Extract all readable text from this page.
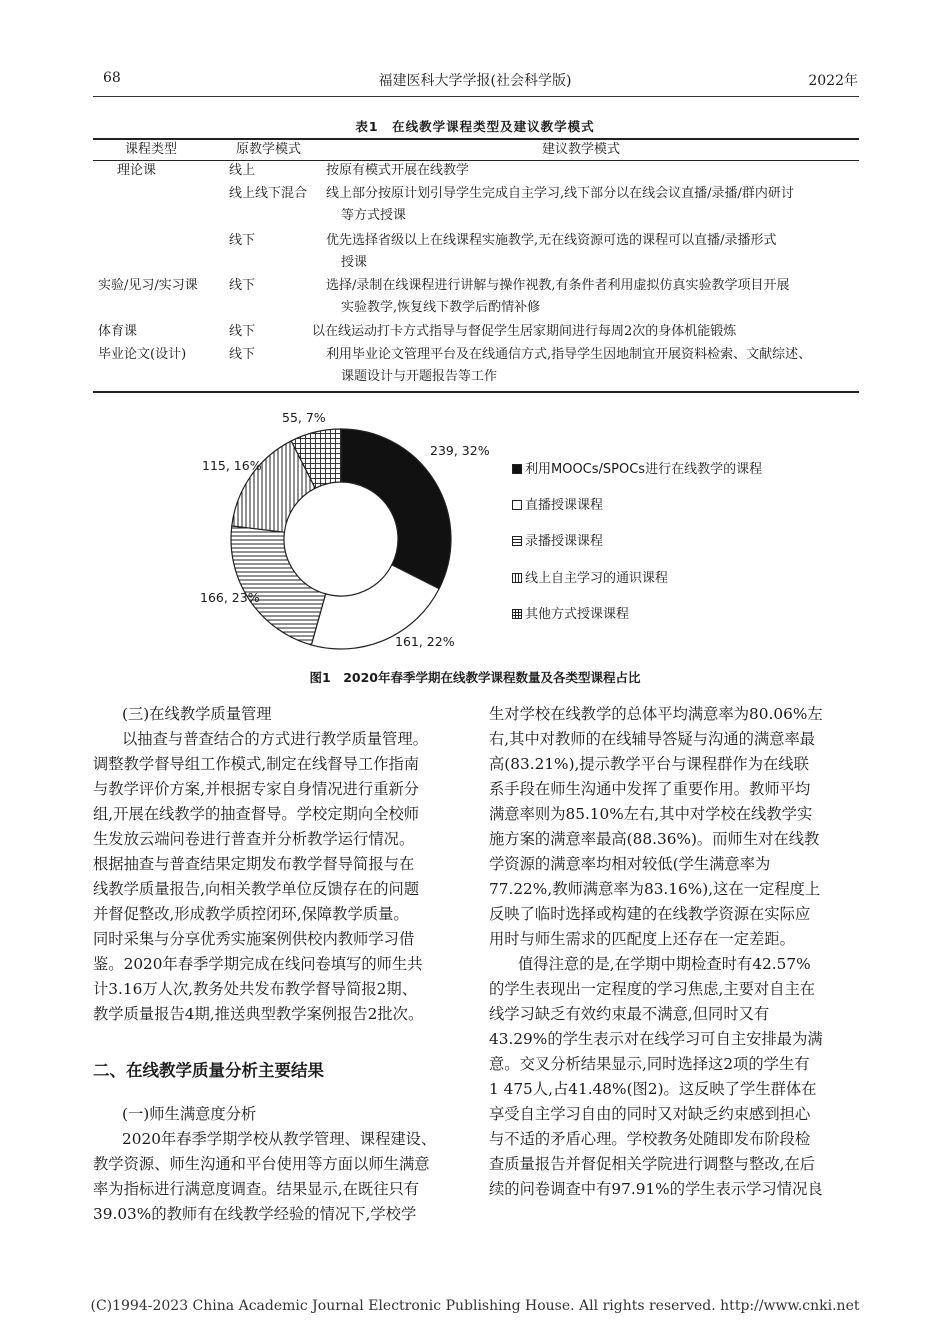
68	福建医科大学学报(社会科学版)	2022年
表1　在线教学课程类型及建议教学模式
课程类型	原教学模式	建议教学模式
理论课	线上	按原有模式开展在线教学
线上线下混合 线上部分按原计划引导学生完成自主学习,线下部分以在线会议直播/录播/群内研讨
等方式授课
线下	优先选择省级以上在线课程实施教学,无在线资源可选的课程可以直播/录播形式
授课
实验/见习/实习课 线下	选择/录制在线课程进行讲解与操作视教,有条件者利用虚拟仿真实验教学项目开展
实验教学,恢复线下教学后酌情补修
体育课	线下	以在线运动打卡方式指导与督促学生居家期间进行每周2次的身体机能锻炼
毕业论文(设计)	线下	利用毕业论文管理平台及在线通信方式,指导学生因地制宜开展资料检索、文献综述、
课题设计与开题报告等工作
239, 32%
161, 22%
166, 23%
115, 16%
55, 7%
利用MOOCs/SPOCs进行在线教学的课程
直播授课课程
录播授课课程
线上自主学习的通识课程
其他方式授课课程
图1　2020年春季学期在线教学课程数量及各类型课程占比
(三)在线教学质量管理
以抽查与普查结合的方式进行教学质量管理。
调整教学督导组工作模式,制定在线督导工作指南
与教学评价方案,并根据专家自身情况进行重新分
组,开展在线教学的抽查督导。学校定期向全校师
生发放云端问卷进行普查并分析教学运行情况。
根据抽查与普查结果定期发布教学督导简报与在
线教学质量报告,向相关教学单位反馈存在的问题
并督促整改,形成教学质控闭环,保障教学质量。
同时采集与分享优秀实施案例供校内教师学习借
鉴。2020年春季学期完成在线问卷填写的师生共
计3.16万人次,教务处共发布教学督导简报2期、
教学质量报告4期,推送典型教学案例报告2批次。
二、在线教学质量分析主要结果
(一)师生满意度分析
2020年春季学期学校从教学管理、课程建设、
教学资源、师生沟通和平台使用等方面以师生满意
率为指标进行满意度调查。结果显示,在既往只有
39.03%的教师有在线教学经验的情况下,学校学
生对学校在线教学的总体平均满意率为80.06%左
右,其中对教师的在线辅导答疑与沟通的满意率最
高(83.21%),提示教学平台与课程群作为在线联
系手段在师生沟通中发挥了重要作用。教师平均
满意率则为85.10%左右,其中对学校在线教学实
施方案的满意率最高(88.36%)。而师生对在线教
学资源的满意率均相对较低(学生满意率为
77.22%,教师满意率为83.16%),这在一定程度上
反映了临时选择或构建的在线教学资源在实际应
用时与师生需求的匹配度上还存在一定差距。
值得注意的是,在学期中期检查时有42.57%
的学生表现出一定程度的学习焦虑,主要对自主在
线学习缺乏有效约束最不满意,但同时又有
43.29%的学生表示对在线学习可自主安排最为满
意。交叉分析结果显示,同时选择这2项的学生有
1 475人,占41.48%(图2)。这反映了学生群体在
享受自主学习自由的同时又对缺乏约束感到担心
与不适的矛盾心理。学校教务处随即发布阶段检
查质量报告并督促相关学院进行调整与整改,在后
续的问卷调查中有97.91%的学生表示学习情况良
(C)1994-2023 China Academic Journal Electronic Publishing House. All rights reserved. http://www.cnki.net
